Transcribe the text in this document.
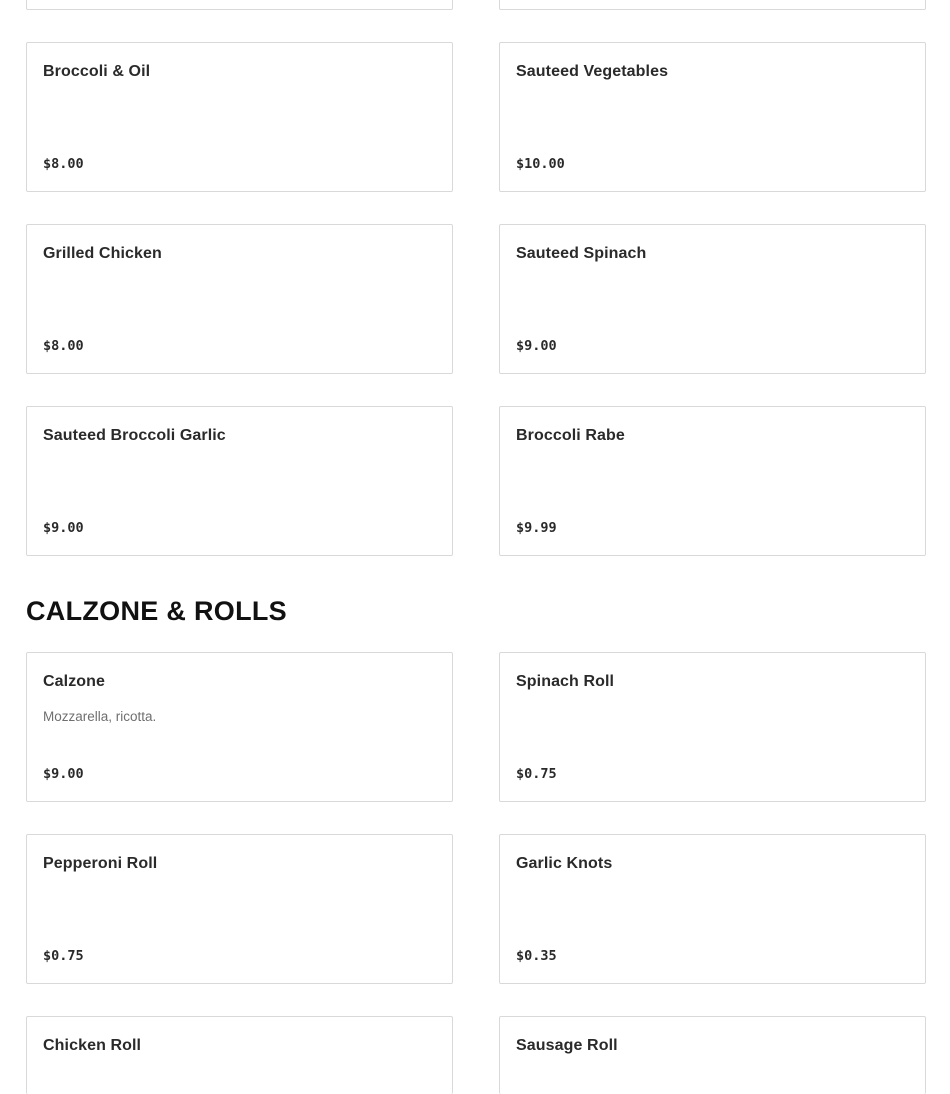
Broccoli & Oil
$8.00
Sauteed Vegetables
$10.00
Grilled Chicken
$8.00
Sauteed Spinach
$9.00
Sauteed Broccoli Garlic
$9.00
Broccoli Rabe
$9.99
CALZONE & ROLLS
Calzone
Mozzarella, ricotta.
$9.00
Spinach Roll
$0.75
Pepperoni Roll
$0.75
Garlic Knots
$0.35
Chicken Roll	Sausage Roll
